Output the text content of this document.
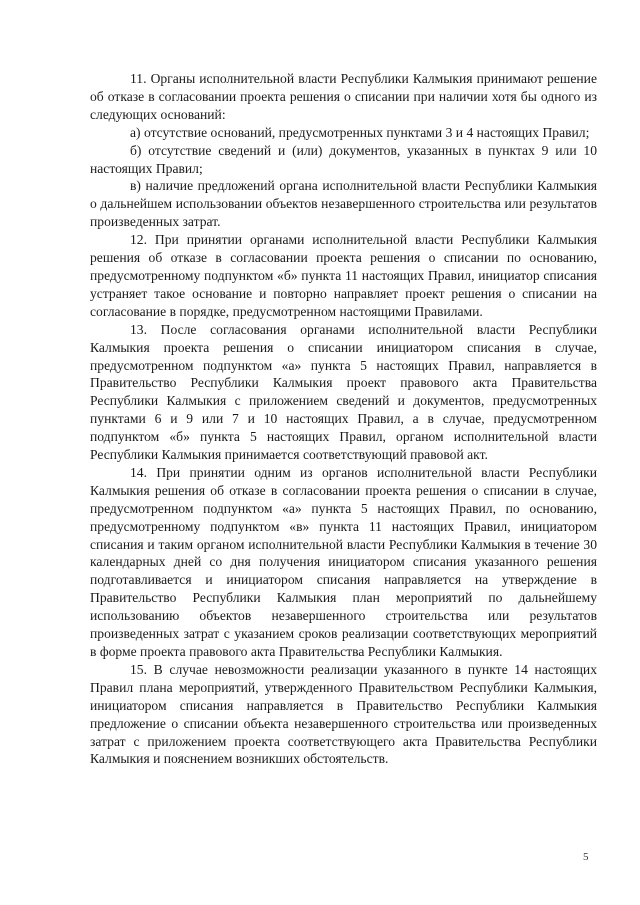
11. Органы исполнительной власти Республики Калмыкия принимают решение об отказе в согласовании проекта решения о списании при наличии хотя бы одного из следующих оснований:

а) отсутствие оснований, предусмотренных пунктами 3 и 4 настоящих Правил;

б) отсутствие сведений и (или) документов, указанных в пунктах 9 или 10 настоящих Правил;

в) наличие предложений органа исполнительной власти Республики Калмыкия о дальнейшем использовании объектов незавершенного строительства или результатов произведенных затрат.

12. При принятии органами исполнительной власти Республики Калмыкия решения об отказе в согласовании проекта решения о списании по основанию, предусмотренному подпунктом «б» пункта 11 настоящих Правил, инициатор списания устраняет такое основание и повторно направляет проект решения о списании на согласование в порядке, предусмотренном настоящими Правилами.

13. После согласования органами исполнительной власти Республики Калмыкия проекта решения о списании инициатором списания в случае, предусмотренном подпунктом «а» пункта 5 настоящих Правил, направляется в Правительство Республики Калмыкия проект правового акта Правительства Республики Калмыкия с приложением сведений и документов, предусмотренных пунктами 6 и 9 или 7 и 10 настоящих Правил, а в случае, предусмотренном подпунктом «б» пункта 5 настоящих Правил, органом исполнительной власти Республики Калмыкия принимается соответствующий правовой акт.

14. При принятии одним из органов исполнительной власти Республики Калмыкия решения об отказе в согласовании проекта решения о списании в случае, предусмотренном подпунктом «а» пункта 5 настоящих Правил, по основанию, предусмотренному подпунктом «в» пункта 11 настоящих Правил, инициатором списания и таким органом исполнительной власти Республики Калмыкия в течение 30 календарных дней со дня получения инициатором списания указанного решения подготавливается и инициатором списания направляется на утверждение в Правительство Республики Калмыкия план мероприятий по дальнейшему использованию объектов незавершенного строительства или результатов произведенных затрат с указанием сроков реализации соответствующих мероприятий в форме проекта правового акта Правительства Республики Калмыкия.

15. В случае невозможности реализации указанного в пункте 14 настоящих Правил плана мероприятий, утвержденного Правительством Республики Калмыкия, инициатором списания направляется в Правительство Республики Калмыкия предложение о списании объекта незавершенного строительства или произведенных затрат с приложением проекта соответствующего акта Правительства Республики Калмыкия и пояснением возникших обстоятельств.

5
